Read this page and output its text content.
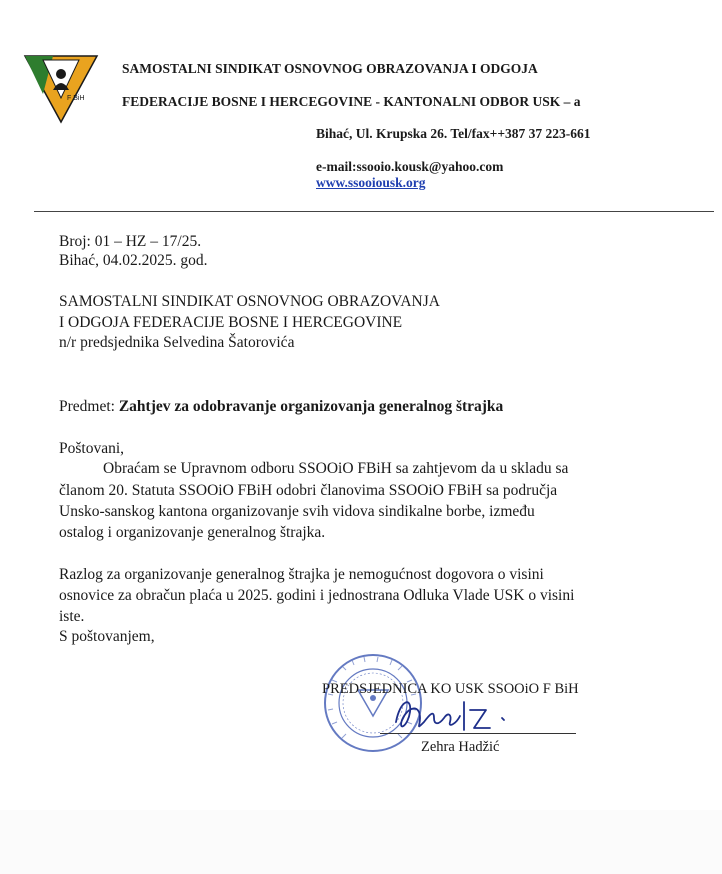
F BiH
SAMOSTALNI SINDIKAT OSNOVNOG OBRAZOVANJA I ODGOJA
FEDERACIJE BOSNE I HERCEGOVINE - KANTONALNI ODBOR USK – a
Bihać, Ul. Krupska 26. Tel/fax++387 37 223-661
e-mail:ssooio.kousk@yahoo.com
www.ssooiousk.org
Broj: 01 – HZ – 17/25.
Bihać, 04.02.2025. god.
SAMOSTALNI SINDIKAT OSNOVNOG OBRAZOVANJA
I ODGOJA FEDERACIJE BOSNE I HERCEGOVINE
n/r predsjednika Selvedina Šatorovića
Predmet: Zahtjev za odobravanje organizovanja generalnog štrajka
Poštovani,
Obraćam se Upravnom odboru SSOOiO FBiH sa zahtjevom da u skladu sa
članom 20. Statuta SSOOiO FBiH odobri članovima SSOOiO FBiH sa područja
Unsko-sanskog kantona organizovanje svih vidova sindikalne borbe, između
ostalog i organizovanje generalnog štrajka.
Razlog za organizovanje generalnog štrajka je nemogućnost dogovora o visini
osnovice za obračun plaća u 2025. godini i jednostrana Odluka Vlade USK o visini
iste.
S poštovanjem,
PREDSJEDNICA KO USK SSOOiO F BiH
Zehra Hadžić
